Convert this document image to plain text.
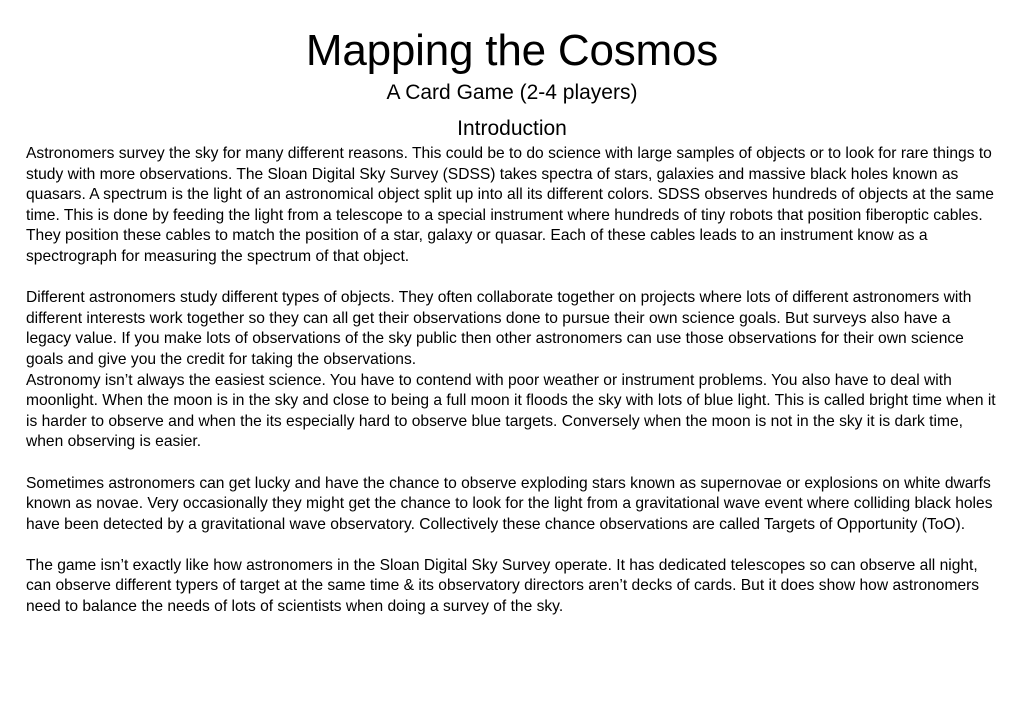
Mapping the Cosmos
A Card Game (2-4 players)
Introduction

Astronomers survey the sky for many different reasons. This could be to do science with large samples of objects or to look for rare things to study with more observations. The Sloan Digital Sky Survey (SDSS) takes spectra of stars, galaxies and massive black holes known as quasars. A spectrum is the light of an astronomical object split up into all its different colors. SDSS observes hundreds of objects at the same time. This is done by feeding the light from a telescope to a special instrument where hundreds of tiny robots that position fiberoptic cables. They position these cables to match the position of a star, galaxy or quasar. Each of these cables leads to an instrument know as a spectrograph for measuring the spectrum of that object.

Different astronomers study different types of objects. They often collaborate together on projects where lots of different astronomers with different interests work together so they can all get their observations done to pursue their own science goals. But surveys also have a legacy value. If you make lots of observations of the sky public then other astronomers can use those observations for their own science goals and give you the credit for taking the observations.

Astronomy isn’t always the easiest science. You have to contend with poor weather or instrument problems. You also have to deal with moonlight. When the moon is in the sky and close to being a full moon it floods the sky with lots of blue light. This is called bright time when it is harder to observe and when the its especially hard to observe blue targets. Conversely when the moon is not in the sky it is dark time, when observing is easier.

Sometimes astronomers can get lucky and have the chance to observe exploding stars known as supernovae or explosions on white dwarfs known as novae. Very occasionally they might get the chance to look for the light from a gravitational wave event where colliding black holes have been detected by a gravitational wave observatory. Collectively these chance observations are called Targets of Opportunity (ToO).

The game isn’t exactly like how astronomers in the Sloan Digital Sky Survey operate. It has dedicated telescopes so can observe all night, can observe different typers of target at the same time & its observatory directors aren’t decks of cards. But it does show how astronomers need to balance the needs of lots of scientists when doing a survey of the sky.
